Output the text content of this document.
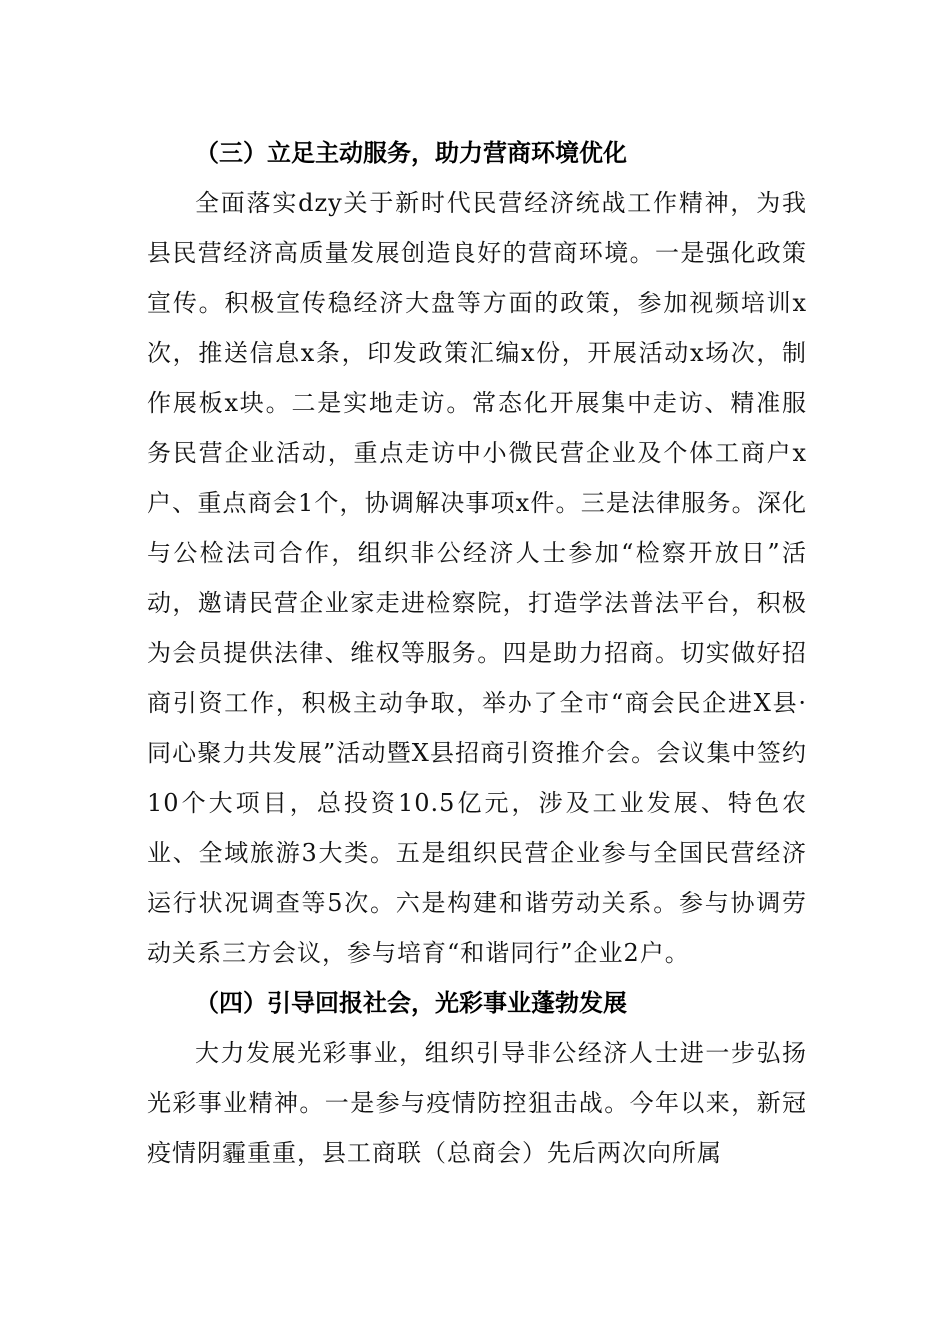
（三）立足主动服务，助力营商环境优化

全面落实dzy关于新时代民营经济统战工作精神，为我县民营经济高质量发展创造良好的营商环境。一是强化政策宣传。积极宣传稳经济大盘等方面的政策，参加视频培训x次，推送信息x条，印发政策汇编x份，开展活动x场次，制作展板x块。二是实地走访。常态化开展集中走访、精准服务民营企业活动，重点走访中小微民营企业及个体工商户x户、重点商会1个，协调解决事项x件。三是法律服务。深化与公检法司合作，组织非公经济人士参加“检察开放日”活动，邀请民营企业家走进检察院，打造学法普法平台，积极为会员提供法律、维权等服务。四是助力招商。切实做好招商引资工作，积极主动争取，举办了全市“商会民企进X县·同心聚力共发展”活动暨X县招商引资推介会。会议集中签约10个大项目，总投资10.5亿元，涉及工业发展、特色农业、全域旅游3大类。五是组织民营企业参与全国民营经济运行状况调查等5次。六是构建和谐劳动关系。参与协调劳动关系三方会议，参与培育“和谐同行”企业2户。

（四）引导回报社会，光彩事业蓬勃发展

大力发展光彩事业，组织引导非公经济人士进一步弘扬光彩事业精神。一是参与疫情防控狙击战。今年以来，新冠疫情阴霾重重，县工商联（总商会）先后两次向所属
